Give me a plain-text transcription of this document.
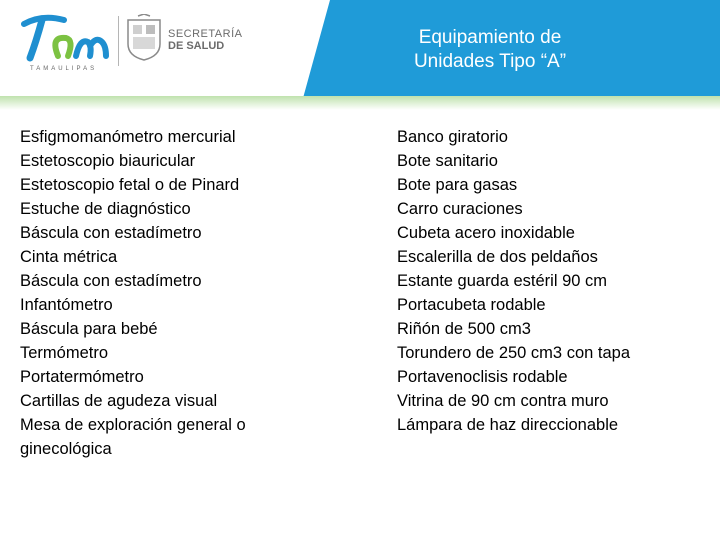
TAMAULIPAS
SECRETARÍA
DE SALUD	Equipamiento de
Unidades Tipo “A”
Esfigmomanómetro mercurial
Estetoscopio biauricular
Estetoscopio fetal o de Pinard
Estuche de diagnóstico
Báscula con estadímetro
Cinta métrica
Báscula con estadímetro
Infantómetro
Báscula para bebé
Termómetro
Portatermómetro
Cartillas de agudeza visual
Mesa de exploración general o
ginecológica
Banco giratorio
Bote sanitario
Bote para gasas
Carro curaciones
Cubeta acero inoxidable
Escalerilla de dos peldaños
Estante guarda estéril 90 cm
Portacubeta rodable
Riñón de 500 cm3
Torundero de 250 cm3 con tapa
Portavenoclisis rodable
Vitrina de 90 cm contra muro
Lámpara de haz direccionable
